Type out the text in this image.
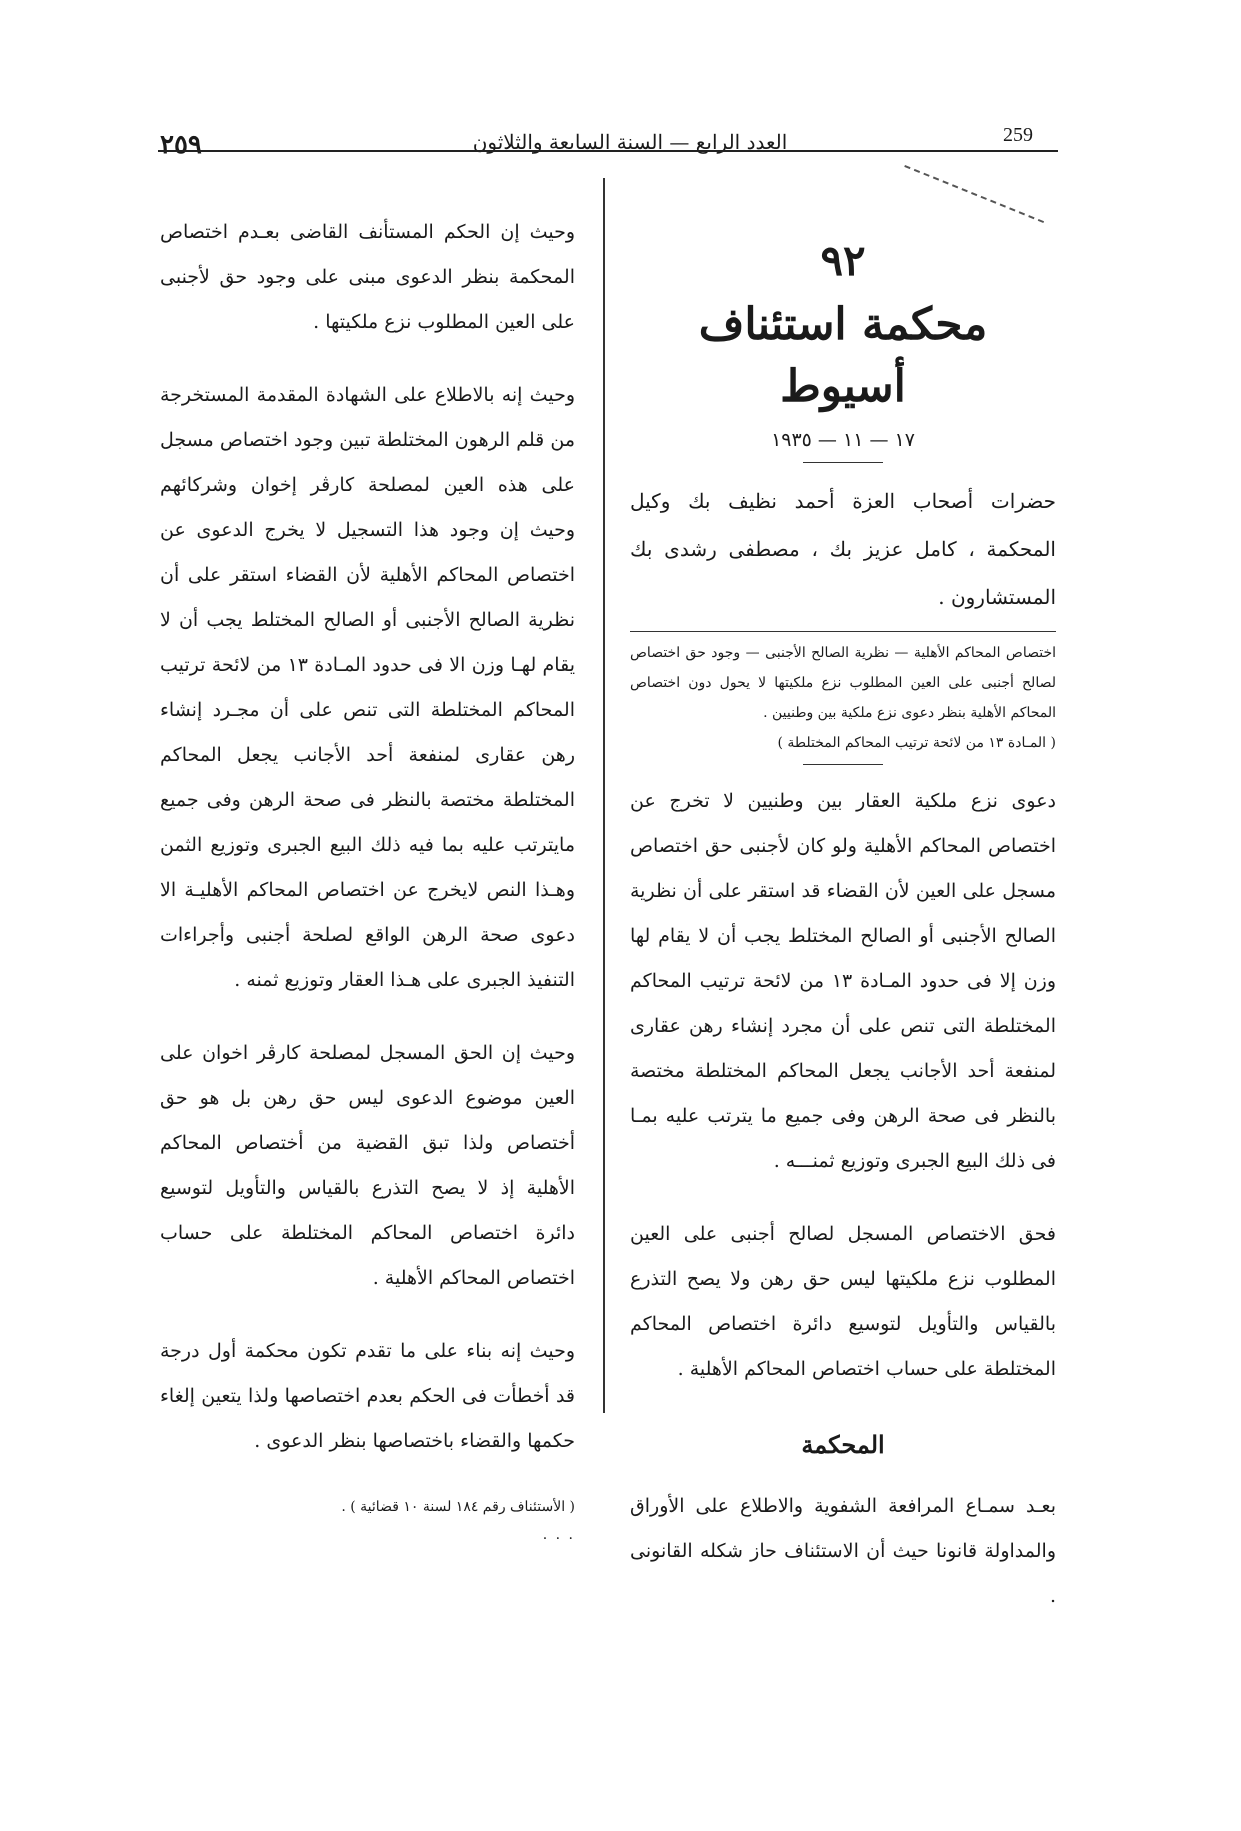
٢٥٩	العدد الرابع — السنة السابعة والثلاثون	259

وحيث إن الحكم المستأنف القاضى بعـدم اختصاص المحكمة بنظر الدعوى مبنى على وجود حق لأجنبى على العين المطلوب نزع ملكيتها .

وحيث إنه بالاطلاع على الشهادة المقدمة المستخرجة من قلم الرهون المختلطة تبين وجود اختصاص مسجل على هذه العين لمصلحة كارڤر إخوان وشركائهم وحيث إن وجود هذا التسجيل لا يخرج الدعوى عن اختصاص المحاكم الأهلية لأن القضاء استقر على أن نظرية الصالح الأجنبى أو الصالح المختلط يجب أن لا يقام لهـا وزن الا فى حدود المـادة ١٣ من لائحة ترتيب المحاكم المختلطة التى تنص على أن مجـرد إنشاء رهن عقارى لمنفعة أحد الأجانب يجعل المحاكم المختلطة مختصة بالنظر فى صحة الرهن وفى جميع مايترتب عليه بما فيه ذلك البيع الجبرى وتوزيع الثمن وهـذا النص لايخرج عن اختصاص المحاكم الأهليـة الا دعوى صحة الرهن الواقع لصلحة أجنبى وأجراءات التنفيذ الجبرى على هـذا العقار وتوزيع ثمنه .

وحيث إن الحق المسجل لمصلحة كارڤر اخوان على العين موضوع الدعوى ليس حق رهن بل هو حق أختصاص ولذا تبق القضية من أختصاص المحاكم الأهلية إذ لا يصح التذرع بالقياس والتأويل لتوسيع دائرة اختصاص المحاكم المختلطة على حساب اختصاص المحاكم الأهلية .

وحيث إنه بناء على ما تقدم تكون محكمة أول درجة قد أخطأت فى الحكم بعدم اختصاصها ولذا يتعين إلغاء حكمها والقضاء باختصاصها بنظر الدعوى .

( الأستئناف رقم ١٨٤ لسنة ١٠ قضائية ) .

. . .
٩٢
محكمة استئناف أسيوط
١٧ — ١١ — ١٩٣٥

حضرات أصحاب العزة أحمد نظيف بك وكيل المحكمة ، كامل عزيز بك ، مصطفى رشدى بك المستشارون .

اختصاص المحاكم الأهلية — نظرية الصالح الأجنبى — وجود حق اختصاص لصالح أجنبى على العين المطلوب نزع ملكيتها لا يحول دون اختصاص المحاكم الأهلية بنظر دعوى نزع ملكية بين وطنيين .

( المـادة ١٣ من لائحة ترتيب المحاكم المختلطة )

دعوى نزع ملكية العقار بين وطنيين لا تخرج عن اختصاص المحاكم الأهلية ولو كان لأجنبى حق اختصاص مسجل على العين لأن القضاء قد استقر على أن نظرية الصالح الأجنبى أو الصالح المختلط يجب أن لا يقام لها وزن إلا فى حدود المـادة ١٣ من لائحة ترتيب المحاكم المختلطة التى تنص على أن مجرد إنشاء رهن عقارى لمنفعة أحد الأجانب يجعل المحاكم المختلطة مختصة بالنظر فى صحة الرهن وفى جميع ما يترتب عليه بمـا فى ذلك البيع الجبرى وتوزيع ثمنـــه .

فحق الاختصاص المسجل لصالح أجنبى على العين المطلوب نزع ملكيتها ليس حق رهن ولا يصح التذرع بالقياس والتأويل لتوسيع دائرة اختصاص المحاكم المختلطة على حساب اختصاص المحاكم الأهلية .

المحكمة

بعـد سمـاع المرافعة الشفوية والاطلاع على الأوراق والمداولة قانونا حيث أن الاستئناف حاز شكله القانونى .
